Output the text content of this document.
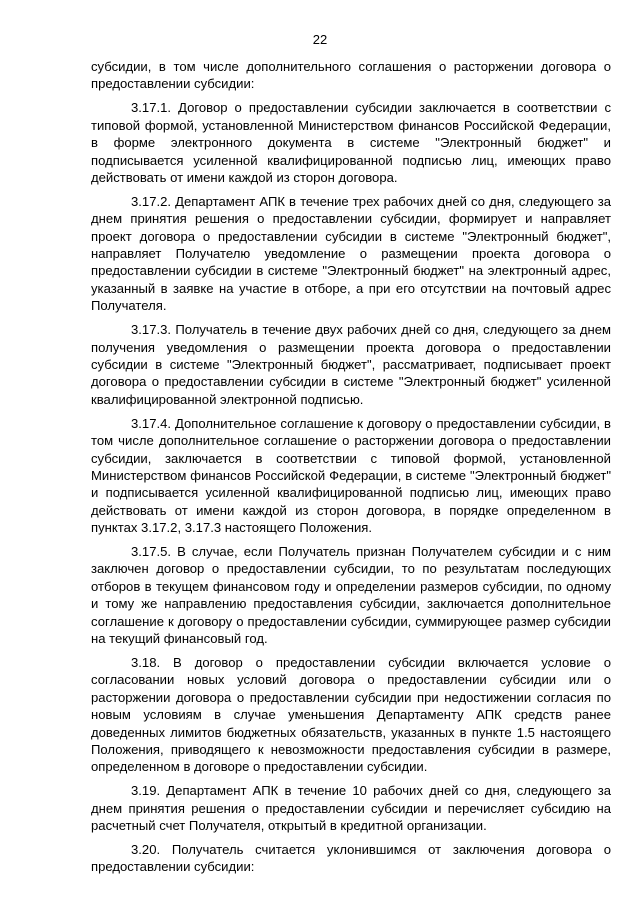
22

субсидии, в том числе дополнительного соглашения о расторжении договора о предоставлении субсидии:

3.17.1. Договор о предоставлении субсидии заключается в соответствии с типовой формой, установленной Министерством финансов Российской Федерации, в форме электронного документа в системе "Электронный бюджет" и подписывается усиленной квалифицированной подписью лиц, имеющих право действовать от имени каждой из сторон договора.

3.17.2. Департамент АПК в течение трех рабочих дней со дня, следующего за днем принятия решения о предоставлении субсидии, формирует и направляет проект договора о предоставлении субсидии в системе "Электронный бюджет", направляет Получателю уведомление о размещении проекта договора о предоставлении субсидии в системе "Электронный бюджет" на электронный адрес, указанный в заявке на участие в отборе, а при его отсутствии на почтовый адрес Получателя.

3.17.3. Получатель в течение двух рабочих дней со дня, следующего за днем получения уведомления о размещении проекта договора о предоставлении субсидии в системе "Электронный бюджет", рассматривает, подписывает проект договора о предоставлении субсидии в системе "Электронный бюджет" усиленной квалифицированной электронной подписью.

3.17.4. Дополнительное соглашение к договору о предоставлении субсидии, в том числе дополнительное соглашение о расторжении договора о предоставлении субсидии, заключается в соответствии с типовой формой, установленной Министерством финансов Российской Федерации, в системе "Электронный бюджет" и подписывается усиленной квалифицированной подписью лиц, имеющих право действовать от имени каждой из сторон договора, в порядке определенном в пунктах 3.17.2, 3.17.3 настоящего Положения.

3.17.5. В случае, если Получатель признан Получателем субсидии и с ним заключен договор о предоставлении субсидии, то по результатам последующих отборов в текущем финансовом году и определении размеров субсидии, по одному и тому же направлению предоставления субсидии, заключается дополнительное соглашение к договору о предоставлении субсидии, суммирующее размер субсидии на текущий финансовый год.

3.18. В договор о предоставлении субсидии включается условие о согласовании новых условий договора о предоставлении субсидии или о расторжении договора о предоставлении субсидии при недостижении согласия по новым условиям в случае уменьшения Департаменту АПК средств ранее доведенных лимитов бюджетных обязательств, указанных в пункте 1.5 настоящего Положения, приводящего к невозможности предоставления субсидии в размере, определенном в договоре о предоставлении субсидии.

3.19. Департамент АПК в течение 10 рабочих дней со дня, следующего за днем принятия решения о предоставлении субсидии и перечисляет субсидию на расчетный счет Получателя, открытый в кредитной организации.

3.20. Получатель считается уклонившимся от заключения договора о предоставлении субсидии:
